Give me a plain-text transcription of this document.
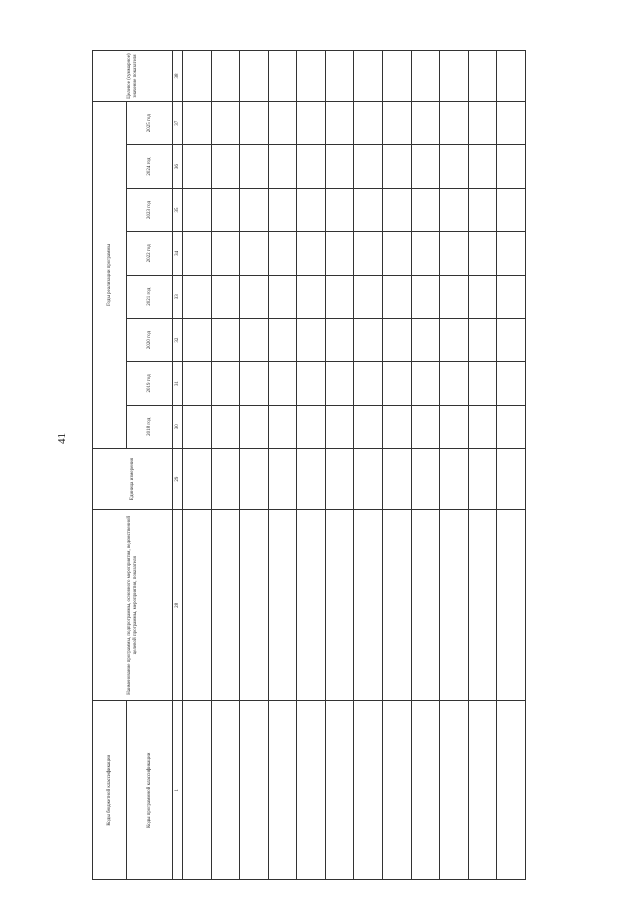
41
Коды бюджетной классификации	Наименование программы, подпрограммы, основного мероприятия, ведомственной целевой программы, мероприятия, показателя	Единица измерения	Годы реализации программы								Целевое (суммарное) значение показателя
Коды программной классификации			2018 год	2019 год	2020 год	2021 год	2022 год	2023 год	2024 год	2025 год	
1	28	29	30	31	32	33	34	35	36	37	38
